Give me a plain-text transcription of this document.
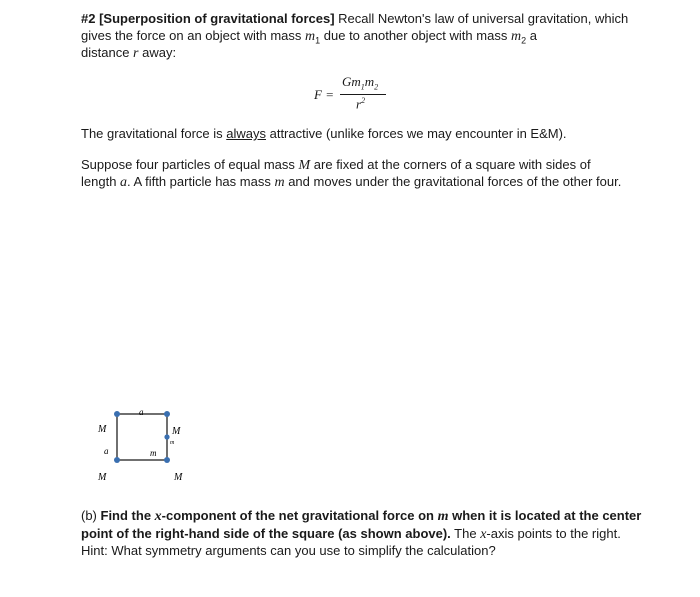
#2 [Superposition of gravitational forces] Recall Newton's law of universal gravitation, which
gives the force on an object with mass $m_1$ due to another object with mass $m_2$ a
distance r away:
F =
$Gm_1m_2$
$r^2$
The gravitational force is always attractive (unlike forces we may encounter in E&M).
Suppose four particles of equal mass M are fixed at the corners of a square with sides of
length a. A fifth particle has mass m and moves under the gravitational forces of the other four.
a
M
a
M
m
m
M	M
(b) Find the x-component of the net gravitational force on m when it is located at the center
point of the right-hand side of the square (as shown above). The x-axis points to the right.
Hint: What symmetry arguments can you use to simplify the calculation?
